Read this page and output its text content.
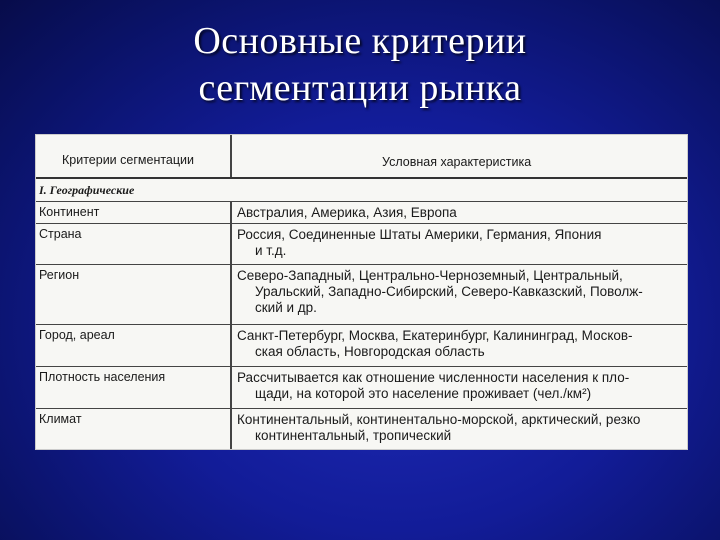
Основные критерии
сегментации рынка
Критерии сегментации	Условная характеристика
I. Географические
Континент	Австралия, Америка, Азия, Европа
Страна	Россия, Соединенные Штаты Америки, Германия, Япония
и т.д.
Регион	Северо-Западный, Центрально-Черноземный, Центральный,
Уральский, Западно-Сибирский, Северо-Кавказский, Поволж-
ский и др.
Город, ареал	Санкт-Петербург, Москва, Екатеринбург, Калининград, Москов-
ская область, Новгородская область
Плотность населения	Рассчитывается как отношение численности населения к пло-
щади, на которой это население проживает (чел./км²)
Климат	Континентальный, континентально-морской, арктический, резко
континентальный, тропический
